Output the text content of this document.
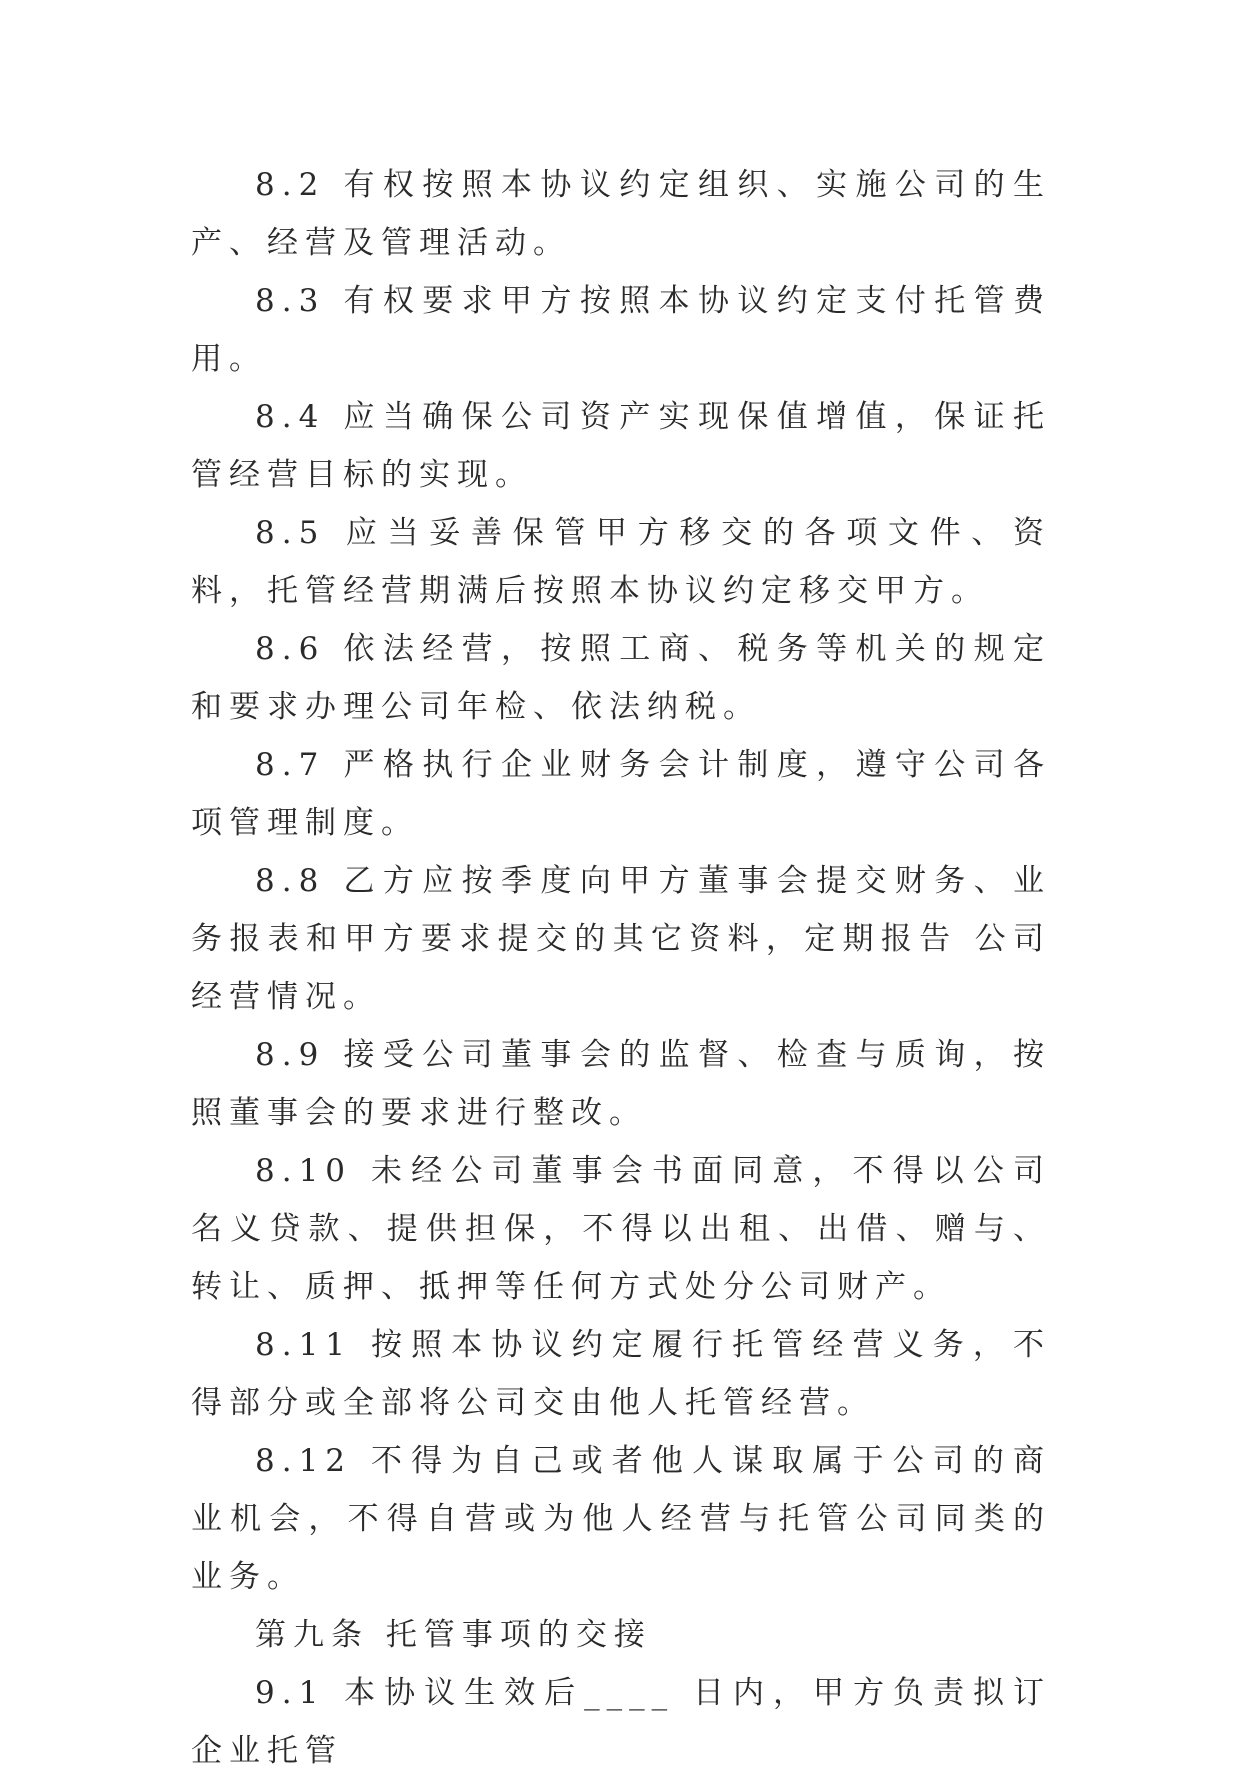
8.2 有权按照本协议约定组织、实施公司的生产、经营及管理活动。

8.3 有权要求甲方按照本协议约定支付托管费用。

8.4 应当确保公司资产实现保值增值，保证托管经营目标的实现。

8.5 应当妥善保管甲方移交的各项文件、资料，托管经营期满后按照本协议约定移交甲方。

8.6 依法经营，按照工商、税务等机关的规定和要求办理公司年检、依法纳税。

8.7 严格执行企业财务会计制度，遵守公司各项管理制度。

8.8 乙方应按季度向甲方董事会提交财务、业务报表和甲方要求提交的其它资料，定期报告 公司经营情况。

8.9 接受公司董事会的监督、检查与质询，按照董事会的要求进行整改。

8.10 未经公司董事会书面同意，不得以公司名义贷款、提供担保，不得以出租、出借、赠与、转让、质押、抵押等任何方式处分公司财产。

8.11 按照本协议约定履行托管经营义务，不得部分或全部将公司交由他人托管经营。

8.12 不得为自己或者他人谋取属于公司的商业机会，不得自营或为他人经营与托管公司同类的业务。

第九条 托管事项的交接

9.1 本协议生效后____ 日内，甲方负责拟订企业托管
